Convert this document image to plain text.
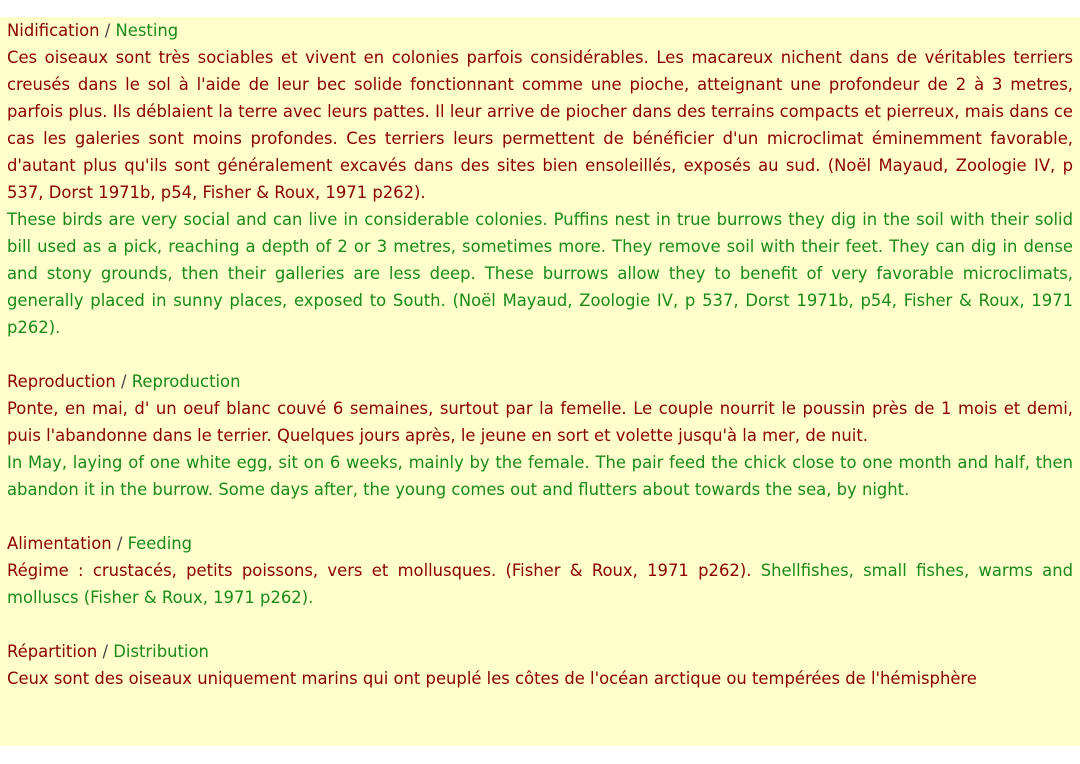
Nidification / Nesting

Ces oiseaux sont très sociables et vivent en colonies parfois considérables. Les macareux nichent dans de véritables terriers creusés dans le sol à l'aide de leur bec solide fonctionnant comme une pioche, atteignant une profondeur de 2 à 3 metres, parfois plus. Ils déblaient la terre avec leurs pattes. Il leur arrive de piocher dans des terrains compacts et pierreux, mais dans ce cas les galeries sont moins profondes. Ces terriers leurs permettent de bénéficier d'un microclimat éminemment favorable, d'autant plus qu'ils sont généralement excavés dans des sites bien ensoleillés, exposés au sud. (Noël Mayaud, Zoologie IV, p 537, Dorst 1971b, p54, Fisher & Roux, 1971 p262).

These birds are very social and can live in considerable colonies. Puffins nest in true burrows they dig in the soil with their solid bill used as a pick, reaching a depth of 2 or 3 metres, sometimes more. They remove soil with their feet. They can dig in dense and stony grounds, then their galleries are less deep. These burrows allow they to benefit of very favorable microclimats, generally placed in sunny places, exposed to South. (Noël Mayaud, Zoologie IV, p 537, Dorst 1971b, p54, Fisher & Roux, 1971 p262).

Reproduction / Reproduction

Ponte, en mai, d' un oeuf blanc couvé 6 semaines, surtout par la femelle. Le couple nourrit le poussin près de 1 mois et demi, puis l'abandonne dans le terrier. Quelques jours après, le jeune en sort et volette jusqu'à la mer, de nuit.

In May, laying of one white egg, sit on 6 weeks, mainly by the female. The pair feed the chick close to one month and half, then abandon it in the burrow. Some days after, the young comes out and flutters about towards the sea, by night.

Alimentation / Feeding

Régime : crustacés, petits poissons, vers et mollusques. (Fisher & Roux, 1971 p262). Shellfishes, small fishes, warms and molluscs (Fisher & Roux, 1971 p262).

Répartition / Distribution

Ceux sont des oiseaux uniquement marins qui ont peuplé les côtes de l'océan arctique ou tempérées de l'hémisphère
